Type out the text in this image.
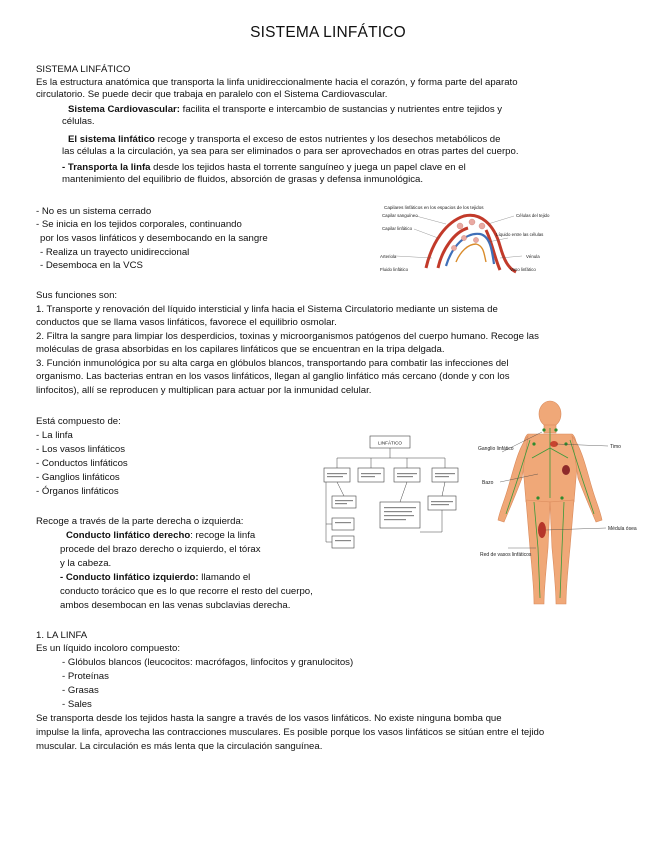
SISTEMA LINFÁTICO
SISTEMA LINFÁTICO
Es la estructura anatómica que transporta la linfa unidireccionalmente hacia el corazón, y forma parte del aparato
circulatorio. Se puede decir que trabaja en paralelo con el Sistema Cardiovascular.
Sistema Cardiovascular: facilita el transporte e intercambio de sustancias y nutrientes entre tejidos y
células.
El sistema linfático recoge y transporta el exceso de estos nutrientes y los desechos metabólicos de
las células a la circulación, ya sea para ser eliminados o para ser aprovechados en otras partes del cuerpo.
- Transporta la linfa desde los tejidos hasta el torrente sanguíneo y juega un papel clave en el
mantenimiento del equilibrio de fluidos, absorción de grasas y defensa inmunológica.
- No es un sistema cerrado
- Se inicia en los tejidos corporales, continuando
por los vasos linfáticos y desembocando en la sangre
- Realiza un trayecto unidireccional
- Desemboca en la VCS
Capilares linfáticos en los espacios de los tejidos
Capilar sanguíneo	Células del tejido
Capilar linfático
Líquido entre las células
Arteriola	Vénula
Fluido linfático	Vaso linfático
Sus funciones son:
1. Transporte y renovación del líquido intersticial y linfa hacia el Sistema Circulatorio mediante un sistema de
conductos que se llama vasos linfáticos, favorece el equilibrio osmolar.
2. Filtra la sangre para limpiar los desperdicios, toxinas y microorganismos patógenos del cuerpo humano. Recoge las
moléculas de grasa absorbidas en los capilares linfáticos que se encuentran en la tripa delgada.
3. Función inmunológica por su alta carga en glóbulos blancos, transportando para combatir las infecciones del
organismo. Las bacterias entran en los vasos linfáticos, llegan al ganglio linfático más cercano (donde y con los
linfocitos), allí se reproducen y multiplican para actuar por la inmunidad celular.
Está compuesto de:
- La linfa
- Los vasos linfáticos
- Conductos linfáticos
- Ganglios linfáticos
- Órganos linfáticos
LINFÁTICO
Ganglio linfático	Timo
Bazo
Médula ósea
Red de vasos linfáticos
Recoge a través de la parte derecha o izquierda:
Conducto linfático derecho: recoge la linfa
procede del brazo derecho o izquierdo, el tórax
y la cabeza.
- Conducto linfático izquierdo: llamando el
conducto torácico que es lo que recorre el resto del cuerpo,
ambos desembocan en las venas subclavias derecha.
1. LA LINFA
Es un líquido incoloro compuesto:
- Glóbulos blancos (leucocitos: macrófagos, linfocitos y granulocitos)
- Proteínas
- Grasas
- Sales
Se transporta desde los tejidos hasta la sangre a través de los vasos linfáticos. No existe ninguna bomba que
impulse la linfa, aprovecha las contracciones musculares. Es posible porque los vasos linfáticos se sitúan entre el tejido
muscular. La circulación es más lenta que la circulación sanguínea.
